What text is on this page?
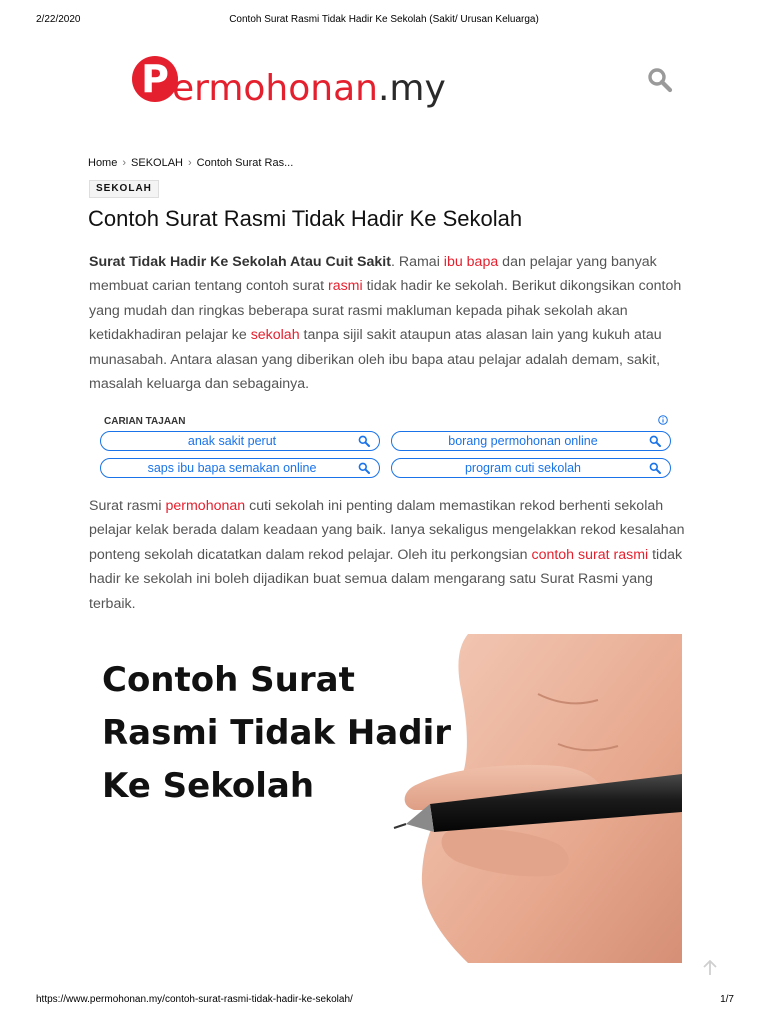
2/22/2020	Contoh Surat Rasmi Tidak Hadir Ke Sekolah (Sakit/ Urusan Keluarga)
P ermohonan.my
Home › SEKOLAH › Contoh Surat Ras...
SEKOLAH
Contoh Surat Rasmi Tidak Hadir Ke Sekolah

Surat Tidak Hadir Ke Sekolah Atau Cuit Sakit. Ramai ibu bapa dan pelajar yang banyak membuat carian tentang contoh surat rasmi tidak hadir ke sekolah. Berikut dikongsikan contoh yang mudah dan ringkas beberapa surat rasmi makluman kepada pihak sekolah akan ketidakhadiran pelajar ke sekolah tanpa sijil sakit ataupun atas alasan lain yang kukuh atau munasabah. Antara alasan yang diberikan oleh ibu bapa atau pelajar adalah demam, sakit, masalah keluarga dan sebagainya.

CARIAN TAJAAN
anak sakit perut	borang permohonan online
saps ibu bapa semakan online	program cuti sekolah

Surat rasmi permohonan cuti sekolah ini penting dalam memastikan rekod berhenti sekolah pelajar kelak berada dalam keadaan yang baik. Ianya sekaligus mengelakkan rekod kesalahan ponteng sekolah dicatatkan dalam rekod pelajar. Oleh itu perkongsian contoh surat rasmi tidak hadir ke sekolah ini boleh dijadikan buat semua dalam mengarang satu Surat Rasmi yang terbaik.

Contoh Surat
Rasmi Tidak Hadir
Ke Sekolah
https://www.permohonan.my/contoh-surat-rasmi-tidak-hadir-ke-sekolah/	1/7
